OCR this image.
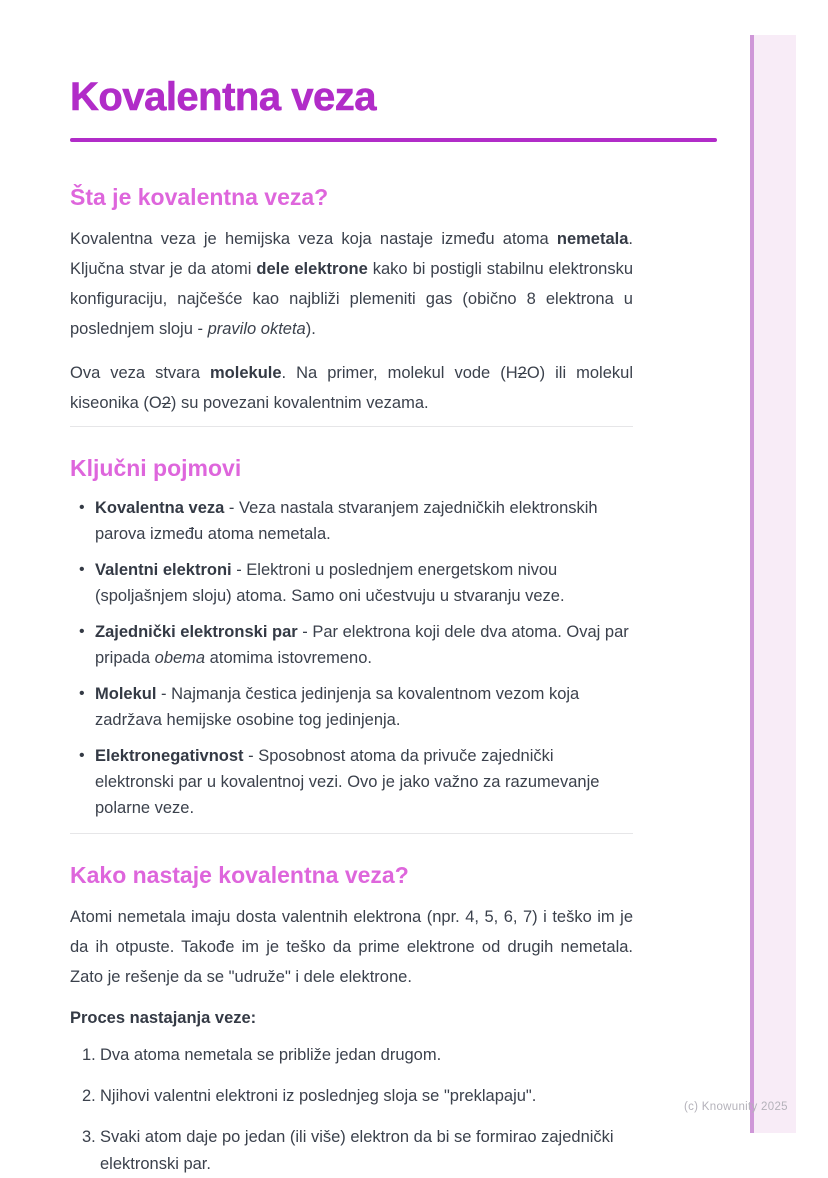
(c) Knowunity 2025
Kovalentna veza
Šta je kovalentna veza?

Kovalentna veza je hemijska veza koja nastaje između atoma nemetala. Ključna stvar je da atomi dele elektrone kako bi postigli stabilnu elektronsku konfiguraciju, najčešće kao najbliži plemeniti gas (obično 8 elektrona u poslednjem sloju - pravilo okteta).

Ova veza stvara molekule. Na primer, molekul vode (H2O) ili molekul kiseonika (O2) su povezani kovalentnim vezama.

Ključni pojmovi
• Kovalentna veza - Veza nastala stvaranjem zajedničkih elektronskih parova između atoma nemetala.
• Valentni elektroni - Elektroni u poslednjem energetskom nivou (spoljašnjem sloju) atoma. Samo oni učestvuju u stvaranju veze.
• Zajednički elektronski par - Par elektrona koji dele dva atoma. Ovaj par pripada obema atomima istovremeno.
• Molekul - Najmanja čestica jedinjenja sa kovalentnom vezom koja zadržava hemijske osobine tog jedinjenja.
• Elektronegativnost - Sposobnost atoma da privuče zajednički elektronski par u kovalentnoj vezi. Ovo je jako važno za razumevanje polarne veze.
Kako nastaje kovalentna veza?

Atomi nemetala imaju dosta valentnih elektrona (npr. 4, 5, 6, 7) i teško im je da ih otpuste. Takođe im je teško da prime elektrone od drugih nemetala. Zato je rešenje da se "udruže" i dele elektrone.

Proces nastajanja veze:

1. Dva atoma nemetala se približe jedan drugom.
2. Njihovi valentni elektroni iz poslednjeg sloja se "preklapaju".
3. Svaki atom daje po jedan (ili više) elektron da bi se formirao zajednički elektronski par.
